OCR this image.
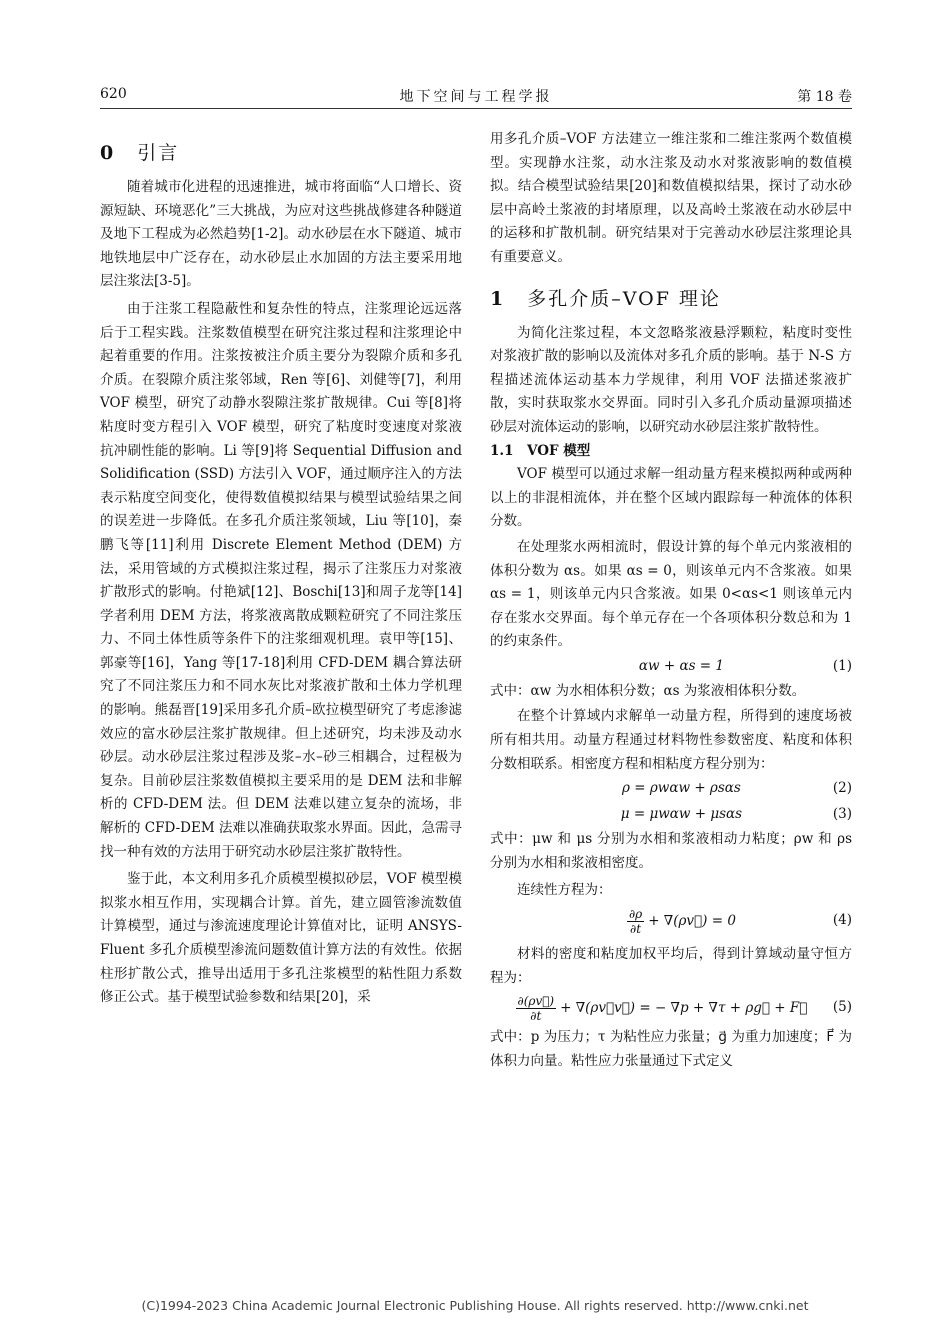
620	地下空间与工程学报	第 18 卷
0 引言

随着城市化进程的迅速推进，城市将面临“人口增长、资源短缺、环境恶化”三大挑战，为应对这些挑战修建各种隧道及地下工程成为必然趋势[1-2]。动水砂层在水下隧道、城市地铁地层中广泛存在，动水砂层止水加固的方法主要采用地层注浆法[3-5]。

由于注浆工程隐蔽性和复杂性的特点，注浆理论远远落后于工程实践。注浆数值模型在研究注浆过程和注浆理论中起着重要的作用。注浆按被注介质主要分为裂隙介质和多孔介质。在裂隙介质注浆邻域，Ren 等[6]、刘健等[7]，利用 VOF 模型，研究了动静水裂隙注浆扩散规律。Cui 等[8]将粘度时变方程引入 VOF 模型，研究了粘度时变速度对浆液抗冲刷性能的影响。Li 等[9]将 Sequential Diffusion and Solidification (SSD) 方法引入 VOF，通过顺序注入的方法表示粘度空间变化，使得数值模拟结果与模型试验结果之间的误差进一步降低。在多孔介质注浆领域，Liu 等[10]，秦鹏飞等[11]利用 Discrete Element Method (DEM) 方法，采用管域的方式模拟注浆过程，揭示了注浆压力对浆液扩散形式的影响。付艳斌[12]、Boschi[13]和周子龙等[14]学者利用 DEM 方法，将浆液离散成颗粒研究了不同注浆压力、不同土体性质等条件下的注浆细观机理。袁甲等[15]、郭豪等[16]，Yang 等[17-18]利用 CFD-DEM 耦合算法研究了不同注浆压力和不同水灰比对浆液扩散和土体力学机理的影响。熊磊晋[19]采用多孔介质–欧拉模型研究了考虑渗滤效应的富水砂层注浆扩散规律。但上述研究，均未涉及动水砂层。动水砂层注浆过程涉及浆–水–砂三相耦合，过程极为复杂。目前砂层注浆数值模拟主要采用的是 DEM 法和非解析的 CFD-DEM 法。但 DEM 法难以建立复杂的流场，非解析的 CFD-DEM 法难以准确获取浆水界面。因此，急需寻找一种有效的方法用于研究动水砂层注浆扩散特性。

鉴于此，本文利用多孔介质模型模拟砂层，VOF 模型模拟浆水相互作用，实现耦合计算。首先，建立圆管渗流数值计算模型，通过与渗流速度理论计算值对比，证明 ANSYS-Fluent 多孔介质模型渗流问题数值计算方法的有效性。依据柱形扩散公式，推导出适用于多孔注浆模型的粘性阻力系数修正公式。基于模型试验参数和结果[20]，采

用多孔介质–VOF 方法建立一维注浆和二维注浆两个数值模型。实现静水注浆，动水注浆及动水对浆液影响的数值模拟。结合模型试验结果[20]和数值模拟结果，探讨了动水砂层中高岭土浆液的封堵原理，以及高岭土浆液在动水砂层中的运移和扩散机制。研究结果对于完善动水砂层注浆理论具有重要意义。

1 多孔介质–VOF 理论

为简化注浆过程，本文忽略浆液悬浮颗粒，粘度时变性对浆液扩散的影响以及流体对多孔介质的影响。基于 N-S 方程描述流体运动基本力学规律，利用 VOF 法描述浆液扩散，实时获取浆水交界面。同时引入多孔介质动量源项描述砂层对流体运动的影响，以研究动水砂层注浆扩散特性。

1.1　VOF 模型

VOF 模型可以通过求解一组动量方程来模拟两种或两种以上的非混相流体，并在整个区域内跟踪每一种流体的体积分数。

在处理浆水两相流时，假设计算的每个单元内浆液相的体积分数为 αs。如果 αs = 0，则该单元内不含浆液。如果 αs = 1，则该单元内只含浆液。如果 0<αs<1 则该单元内存在浆水交界面。每个单元存在一个各项体积分数总和为 1 的约束条件。

αw + αs = 1	(1)

式中：αw 为水相体积分数；αs 为浆液相体积分数。

在整个计算域内求解单一动量方程，所得到的速度场被所有相共用。动量方程通过材料物性参数密度、粘度和体积分数相联系。相密度方程和相粘度方程分别为：

ρ = ρwαw + ρsαs	(2)
μ = μwαw + μsαs	(3)

式中：μw 和 μs 分别为水相和浆液相动力粘度；ρw 和 ρs 分别为水相和浆液相密度。

连续性方程为：

$\frac{\partial\rho}{\partial t}$ + ∇(ρv⃗) = 0	(4)

材料的密度和粘度加权平均后，得到计算域动量守恒方程为：

$\frac{\partial(\rho v⃗)}{\partial t}$ + ∇(ρv⃗v⃗) = − ∇p + ∇τ + ρg⃗ + F⃗	(5)

式中：p 为压力；τ 为粘性应力张量；g⃗ 为重力加速度；F⃗ 为体积力向量。粘性应力张量通过下式定义

(C)1994-2023 China Academic Journal Electronic Publishing House. All rights reserved. http://www.cnki.net
